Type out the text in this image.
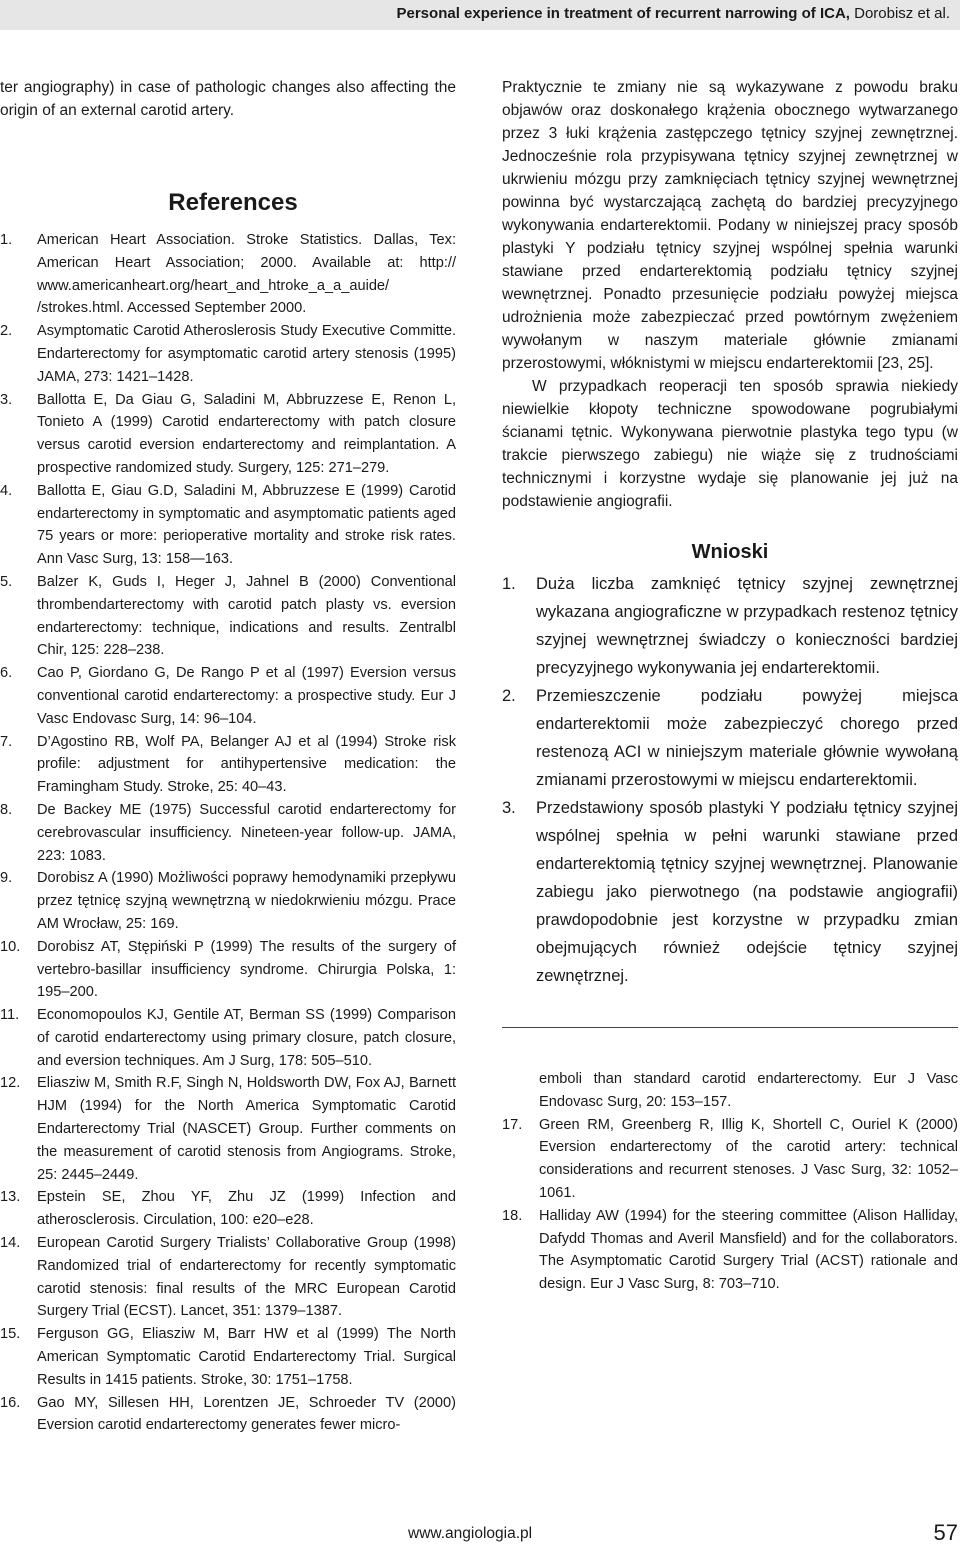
Personal experience in treatment of recurrent narrowing of ICA, Dorobisz et al.

ter angiography) in case of pathologic changes also affecting the origin of an external carotid artery.

References
1.	American Heart Association. Stroke Statistics. Dallas, Tex: American Heart Association; 2000. Available at: http:// www.americanheart.org/heart_and_htroke_a_a_auide/ /strokes.html. Accessed September 2000.
2.	Asymptomatic Carotid Atheroslerosis Study Executive Committe. Endarterectomy for asymptomatic carotid artery stenosis (1995) JAMA, 273: 1421–1428.
3.	Ballotta E, Da Giau G, Saladini M, Abbruzzese E, Renon L, Tonieto A (1999) Carotid endarterectomy with patch closure versus carotid eversion endarterectomy and reimplantation. A prospective randomized study. Surgery, 125: 271–279.
4.	Ballotta E, Giau G.D, Saladini M, Abbruzzese E (1999) Carotid endarterectomy in symptomatic and asymptomatic patients aged 75 years or more: perioperative mortality and stroke risk rates. Ann Vasc Surg, 13: 158—163.
5.	Balzer K, Guds I, Heger J, Jahnel B (2000) Conventional thrombendarterectomy with carotid patch plasty vs. eversion endarterectomy: technique, indications and results. Zentralbl Chir, 125: 228–238.
6.	Cao P, Giordano G, De Rango P et al (1997) Eversion versus conventional carotid endarterectomy: a prospective study. Eur J Vasc Endovasc Surg, 14: 96–104.
7.	D’Agostino RB, Wolf PA, Belanger AJ et al (1994) Stroke risk profile: adjustment for antihypertensive medication: the Framingham Study. Stroke, 25: 40–43.
8.	De Backey ME (1975) Successful carotid endarterectomy for cerebrovascular insufficiency. Nineteen-year follow-up. JAMA, 223: 1083.
9.	Dorobisz A (1990) Możliwości poprawy hemodynamiki przepływu przez tętnicę szyjną wewnętrzną w niedokrwieniu mózgu. Prace AM Wrocław, 25: 169.
10.	Dorobisz AT, Stępiński P (1999) The results of the surgery of vertebro-basillar insufficiency syndrome. Chirurgia Polska, 1: 195–200.
11.	Economopoulos KJ, Gentile AT, Berman SS (1999) Comparison of carotid endarterectomy using primary closure, patch closure, and eversion techniques. Am J Surg, 178: 505–510.
12.	Eliasziw M, Smith R.F, Singh N, Holdsworth DW, Fox AJ, Barnett HJM (1994) for the North America Symptomatic Carotid Endarterectomy Trial (NASCET) Group. Further comments on the measurement of carotid stenosis from Angiograms. Stroke, 25: 2445–2449.
13.	Epstein SE, Zhou YF, Zhu JZ (1999) Infection and atherosclerosis. Circulation, 100: e20–e28.
14.	European Carotid Surgery Trialists’ Collaborative Group (1998) Randomized trial of endarterectomy for recently symptomatic carotid stenosis: final results of the MRC European Carotid Surgery Trial (ECST). Lancet, 351: 1379–1387.
15.	Ferguson GG, Eliasziw M, Barr HW et al (1999) The North American Symptomatic Carotid Endarterectomy Trial. Surgical Results in 1415 patients. Stroke, 30: 1751–1758.
16.	Gao MY, Sillesen HH, Lorentzen JE, Schroeder TV (2000) Eversion carotid endarterectomy generates fewer micro-

Praktycznie te zmiany nie są wykazywane z powodu braku objawów oraz doskonałego krążenia obocznego wytwarzanego przez 3 łuki krążenia zastępczego tętnicy szyjnej zewnętrznej. Jednocześnie rola przypisywana tętnicy szyjnej zewnętrznej w ukrwieniu mózgu przy zamknięciach tętnicy szyjnej wewnętrznej powinna być wystarczającą zachętą do bardziej precyzyjnego wykonywania endarterektomii. Podany w niniejszej pracy sposób plastyki Y podziału tętnicy szyjnej wspólnej spełnia warunki stawiane przed endarterektomią podziału tętnicy szyjnej wewnętrznej. Ponadto przesunięcie podziału powyżej miejsca udrożnienia może zabezpieczać przed powtórnym zwężeniem wywołanym w naszym materiale głównie zmianami przerostowymi, włóknistymi w miejscu endarterektomii [23, 25].

W przypadkach reoperacji ten sposób sprawia niekiedy niewielkie kłopoty techniczne spowodowane pogrubiałymi ścianami tętnic. Wykonywana pierwotnie plastyka tego typu (w trakcie pierwszego zabiegu) nie wiąże się z trudnościami technicznymi i korzystne wydaje się planowanie jej już na podstawienie angiografii.

Wnioski
1.	Duża liczba zamknięć tętnicy szyjnej zewnętrznej wykazana angiograficzne w przypadkach restenoz tętnicy szyjnej wewnętrznej świadczy o konieczności bardziej precyzyjnego wykonywania jej endarterektomii.
2.	Przemieszczenie podziału powyżej miejsca endarterektomii może zabezpieczyć chorego przed restenozą ACI w niniejszym materiale głównie wywołaną zmianami przerostowymi w miejscu endarterektomii.
3.	Przedstawiony sposób plastyki Y podziału tętnicy szyjnej wspólnej spełnia w pełni warunki stawiane przed endarterektomią tętnicy szyjnej wewnętrznej. Planowanie zabiegu jako pierwotnego (na podstawie angiografii) prawdopodobnie jest korzystne w przypadku zmian obejmujących również odejście tętnicy szyjnej zewnętrznej.
emboli than standard carotid endarterectomy. Eur J Vasc Endovasc Surg, 20: 153–157.
17.	Green RM, Greenberg R, Illig K, Shortell C, Ouriel K (2000) Eversion endarterectomy of the carotid artery: technical considerations and recurrent stenoses. J Vasc Surg, 32: 1052–1061.
18.	Halliday AW (1994) for the steering committee (Alison Halliday, Dafydd Thomas and Averil Mansfield) and for the collaborators. The Asymptomatic Carotid Surgery Trial (ACST) rationale and design. Eur J Vasc Surg, 8: 703–710.
www.angiologia.pl	57
